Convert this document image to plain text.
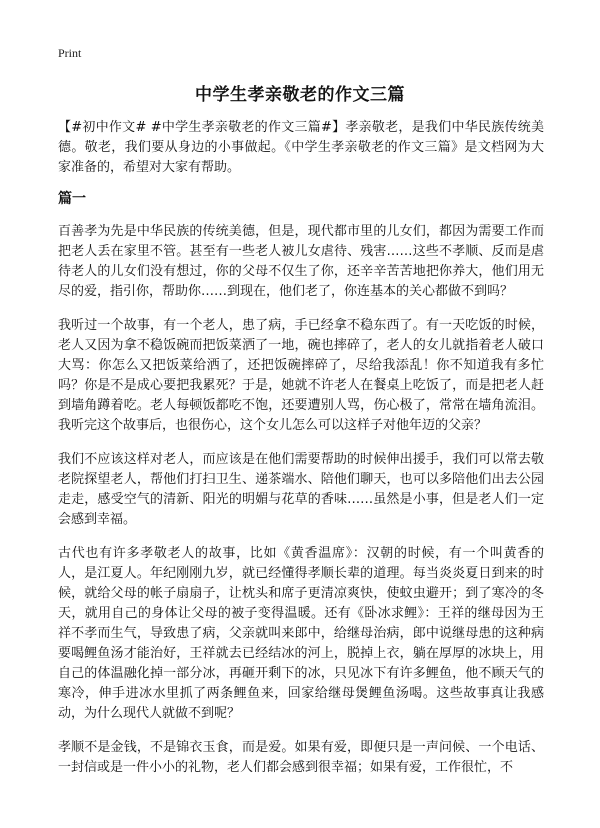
Print
中学生孝亲敬老的作文三篇

【#初中作文# #中学生孝亲敬老的作文三篇#】孝亲敬老，是我们中华民族传统美德。敬老，我们要从身边的小事做起。《中学生孝亲敬老的作文三篇》是文档网为大家准备的，希望对大家有帮助。

篇一

百善孝为先是中华民族的传统美德，但是，现代都市里的儿女们，都因为需要工作而把老人丢在家里不管。甚至有一些老人被儿女虐待、残害……这些不孝顺、反而是虐待老人的儿女们没有想过，你的父母不仅生了你，还辛辛苦苦地把你养大，他们用无尽的爱，指引你，帮助你……到现在，他们老了，你连基本的关心都做不到吗？

我听过一个故事，有一个老人，患了病，手已经拿不稳东西了。有一天吃饭的时候，老人又因为拿不稳饭碗而把饭菜洒了一地，碗也摔碎了，老人的女儿就指着老人破口大骂：你怎么又把饭菜给洒了，还把饭碗摔碎了，尽给我添乱！你不知道我有多忙吗？你是不是成心要把我累死？于是，她就不许老人在餐桌上吃饭了，而是把老人赶到墙角蹲着吃。老人每顿饭都吃不饱，还要遭别人骂，伤心极了，常常在墙角流泪。我听完这个故事后，也很伤心，这个女儿怎么可以这样子对他年迈的父亲？

我们不应该这样对老人，而应该是在他们需要帮助的时候伸出援手，我们可以常去敬老院探望老人，帮他们打扫卫生、递茶端水、陪他们聊天，也可以多陪他们出去公园走走，感受空气的清新、阳光的明媚与花草的香味……虽然是小事，但是老人们一定会感到幸福。

古代也有许多孝敬老人的故事，比如《黄香温席》：汉朝的时候，有一个叫黄香的人，是江夏人。年纪刚刚九岁，就已经懂得孝顺长辈的道理。每当炎炎夏日到来的时候，就给父母的帐子扇扇子，让枕头和席子更清凉爽快，使蚊虫避开；到了寒冷的冬天，就用自己的身体让父母的被子变得温暖。还有《卧冰求鲤》：王祥的继母因为王祥不孝而生气，导致患了病，父亲就叫来郎中，给继母治病，郎中说继母患的这种病要喝鲤鱼汤才能治好，王祥就去已经结冰的河上，脱掉上衣，躺在厚厚的冰块上，用自己的体温融化掉一部分冰，再砸开剩下的冰，只见冰下有许多鲤鱼，他不顾天气的寒冷，伸手进冰水里抓了两条鲤鱼来，回家给继母煲鲤鱼汤喝。这些故事真让我感动，为什么现代人就做不到呢？

孝顺不是金钱，不是锦衣玉食，而是爱。如果有爱，即便只是一声问候、一个电话、一封信或是一件小小的礼物，老人们都会感到很幸福；如果有爱，工作很忙，不
